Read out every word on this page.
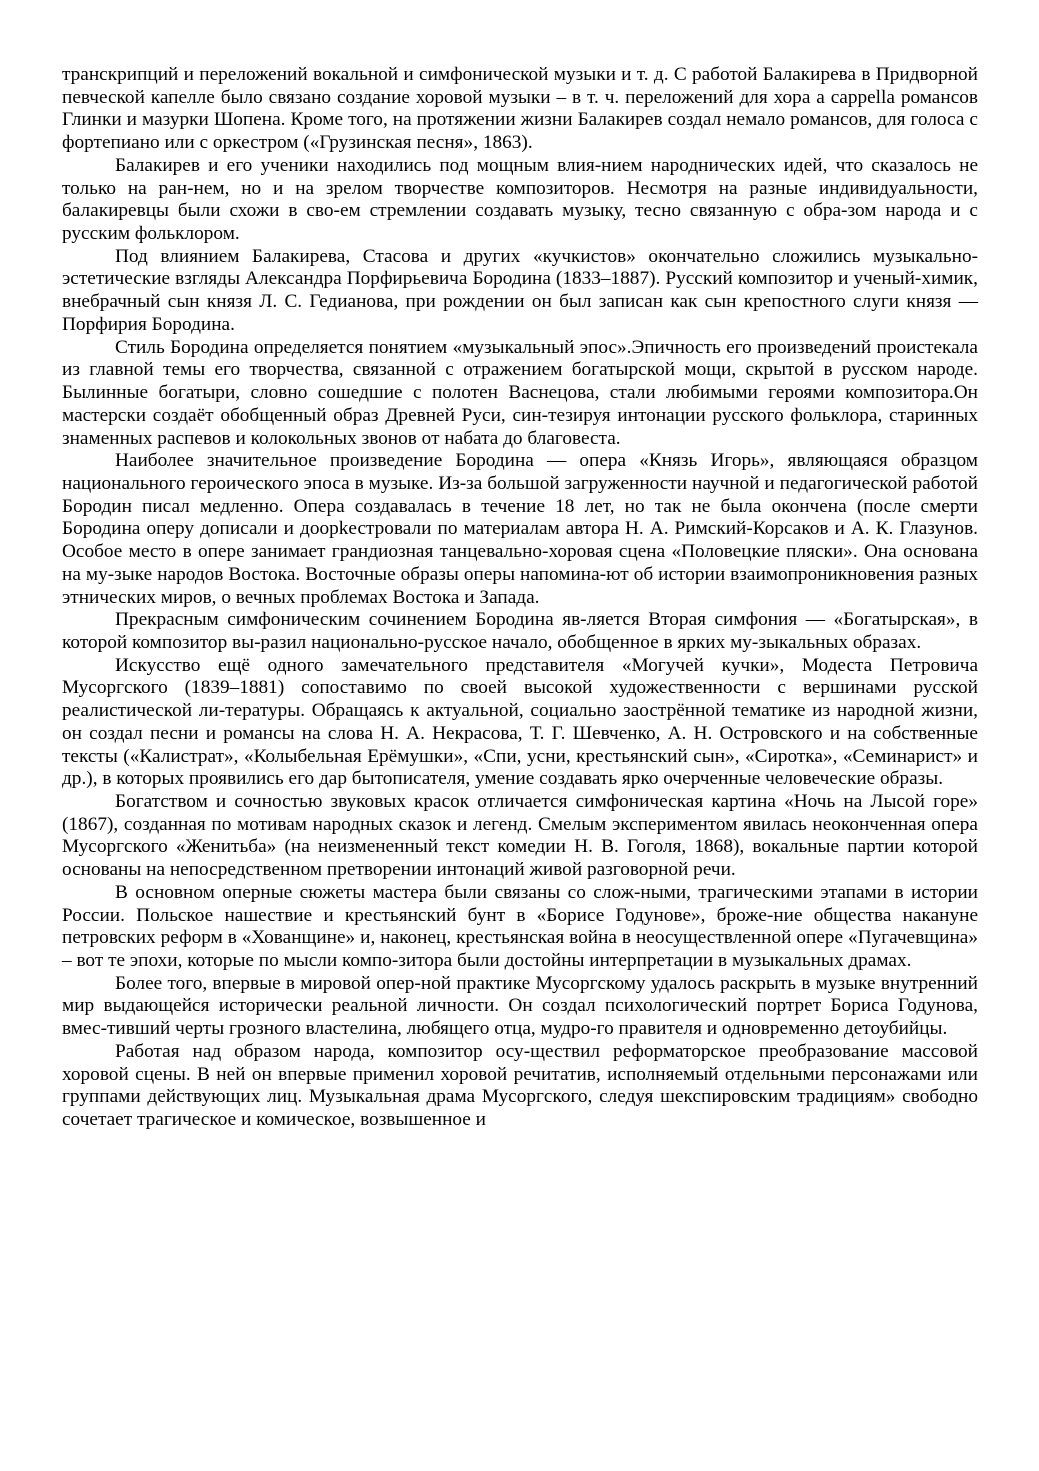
транскрипций и переложений вокальной и симфонической музыки и т. д. С работой Балакирева в Придворной певческой капелле было связано создание хоровой музыки – в т. ч. переложений для хора a cappella романсов Глинки и мазурки Шопена. Кроме того, на протяжении жизни Балакирев создал немало романсов, для голоса с фортепиано или с оркестром («Грузинская песня», 1863).

Балакирев и его ученики находились под мощным влия-нием народнических идей, что сказалось не только на ран-нем, но и на зрелом творчестве композиторов. Несмотря на разные индивидуальности, балакиревцы были схожи в сво-ем стремлении создавать музыку, тесно связанную с обра-зом народа и с русским фольклором.

Под влиянием Балакирева, Стасова и других «кучкистов» окончательно сложились музыкально-эстетические взгляды Александра Порфирьевича Бородина (1833–1887). Русский композитор и ученый-химик, внебрачный сын князя Л. С. Гедианова, при рождении он был записан как сын крепостного слуги князя — Порфирия Бородина.

Стиль Бородина определяется понятием «музыкальный эпос».Эпичность его произведений проистекала из главной темы его творчества, связанной с отражением богатырской мощи, скрытой в русском народе. Былинные богатыри, словно сошедшие с полотен Васнецова, стали любимыми героями композитора.Он мастерски создаёт обобщенный образ Древней Руси, син-тезируя интонации русского фольклора, старинных знаменных распевов и колокольных звонов от набата до благовеста.

Наиболее значительное произведение Бородина — опера «Князь Игорь», являющаяся образцом национального героического эпоса в музыке. Из-за большой загруженности научной и педагогической работой Бородин писал медленно. Опера создавалась в течение 18 лет, но так не была окончена (после смерти Бородина оперу дописали и доорkестровали по материалам автора Н. А. Римский-Корсаков и А. К. Глазунов. Особое место в опере занимает грандиозная танцевально-хоровая сцена «Половецкие пляски». Она основана на му-зыке народов Востока. Восточные образы оперы напомина-ют об истории взаимопроникновения разных этнических миров, о вечных проблемах Востока и Запада.

Прекрасным симфоническим сочинением Бородина яв-ляется Вторая симфония — «Богатырская», в которой композитор вы-разил национально-русское начало, обобщенное в ярких му-зыкальных образах.

Искусство ещё одного замечательного представителя «Могучей кучки», Модеста Петровича Мусоргского (1839–1881) сопоставимо по своей высокой художественности с вершинами русской реалистической ли-тературы. Обращаясь к актуальной, социально заострённой тематике из народной жизни, он создал песни и романсы на слова Н. А. Некрасова, Т. Г. Шевченко, А. Н. Островского и на собственные тексты («Калистрат», «Колыбельная Ерёмушки», «Спи, усни, крестьянский сын», «Сиротка», «Семинарист» и др.), в которых проявились его дар бытописателя, умение создавать ярко очерченные человеческие образы.

Богатством и сочностью звуковых красок отличается симфоническая картина «Ночь на Лысой горе» (1867), созданная по мотивам народных сказок и легенд. Смелым экспериментом явилась неоконченная опера Мусоргского «Женитьба» (на неизмененный текст комедии Н. В. Гоголя, 1868), вокальные партии которой основаны на непосредственном претворении интонаций живой разговорной речи.

В основном оперные сюжеты мастера были связаны со слож-ными, трагическими этапами в истории России. Польское нашествие и крестьянский бунт в «Борисе Годунове», броже-ние общества накануне петровских реформ в «Хованщине» и, наконец, крестьянская война в неосуществленной опере «Пугачевщина» – вот те эпохи, которые по мысли компо-зитора были достойны интерпретации в музыкальных драмах.

Более того, впервые в мировой опер-ной практике Мусоргскому удалось раскрыть в музыке внутренний мир выдающейся исторически реальной личности. Он создал психологический портрет Бориса Годунова, вмес-тивший черты грозного властелина, любящего отца, мудро-го правителя и одновременно детоубийцы.

Работая над образом народа, композитор осу-ществил реформаторское преобразование массовой хоровой сцены. В ней он впервые применил хоровой речитатив, исполняемый отдельными персонажами или группами действующих лиц. Музыкальная драма Мусоргского, следуя шекспировским традициям» свободно сочетает трагическое и комическое, возвышенное и
